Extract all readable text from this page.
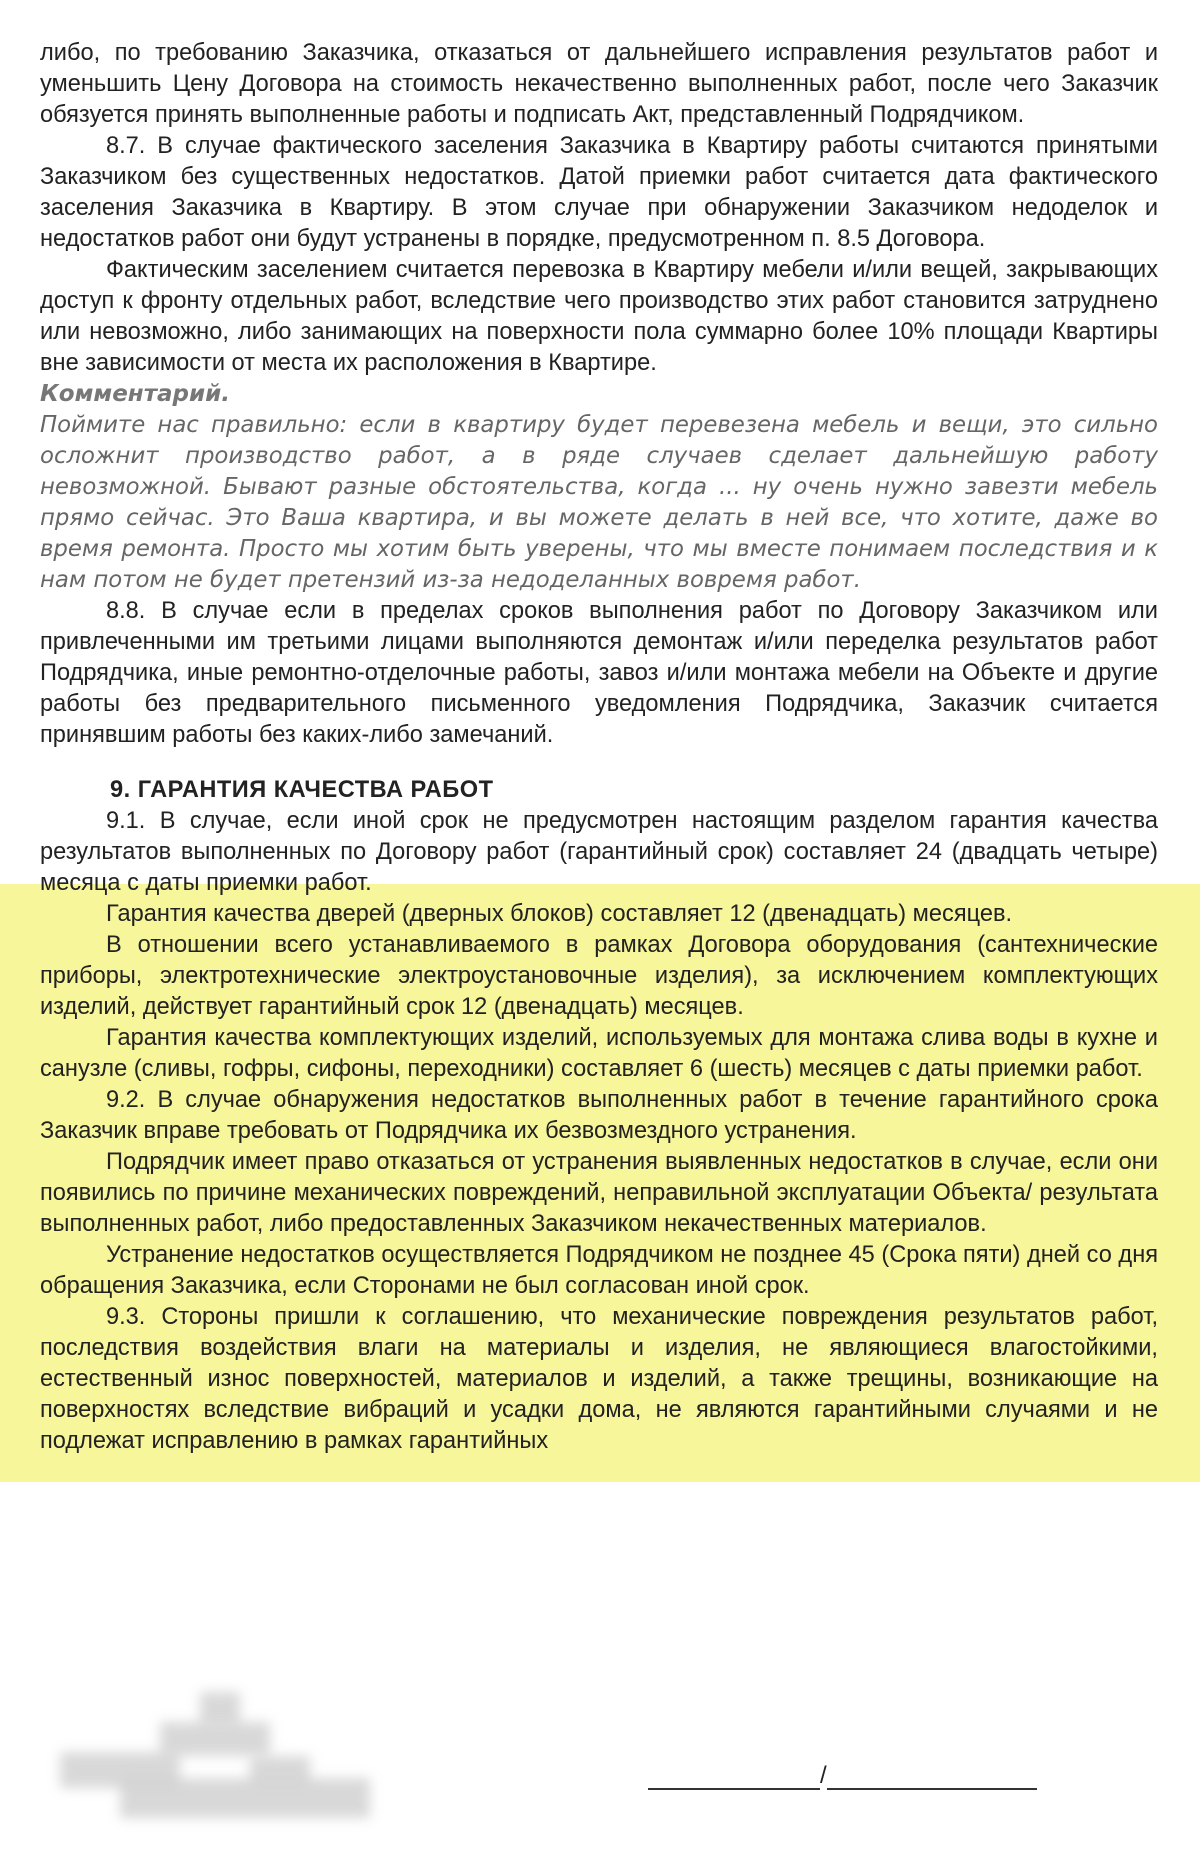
либо, по требованию Заказчика, отказаться от дальнейшего исправления результатов работ и уменьшить Цену Договора на стоимость некачественно выполненных работ, после чего Заказчик обязуется принять выполненные работы и подписать Акт, представленный Подрядчиком.

8.7. В случае фактического заселения Заказчика в Квартиру работы считаются принятыми Заказчиком без существенных недостатков. Датой приемки работ считается дата фактического заселения Заказчика в Квартиру. В этом случае при обнаружении Заказчиком недоделок и недостатков работ они будут устранены в порядке, предусмотренном п. 8.5 Договора.

Фактическим заселением считается перевозка в Квартиру мебели и/или вещей, закрывающих доступ к фронту отдельных работ, вследствие чего производство этих работ становится затруднено или невозможно, либо занимающих на поверхности пола суммарно более 10% площади Квартиры вне зависимости от места их расположения в Квартире.

Комментарий.

Поймите нас правильно: если в квартиру будет перевезена мебель и вещи, это сильно осложнит производство работ, а в ряде случаев сделает дальнейшую работу невозможной. Бывают разные обстоятельства, когда ... ну очень нужно завезти мебель прямо сейчас. Это Ваша квартира, и вы можете делать в ней все, что хотите, даже во время ремонта. Просто мы хотим быть уверены, что мы вместе понимаем последствия и к нам потом не будет претензий из-за недоделанных вовремя работ.

8.8. В случае если в пределах сроков выполнения работ по Договору Заказчиком или привлеченными им третьими лицами выполняются демонтаж и/или переделка результатов работ Подрядчика, иные ремонтно-отделочные работы, завоз и/или монтажа мебели на Объекте и другие работы без предварительного письменного уведомления Подрядчика, Заказчик считается принявшим работы без каких-либо замечаний.

9. ГАРАНТИЯ КАЧЕСТВА РАБОТ

9.1. В случае, если иной срок не предусмотрен настоящим разделом гарантия качества результатов выполненных по Договору работ (гарантийный срок) составляет 24 (двадцать четыре) месяца с даты приемки работ.

Гарантия качества дверей (дверных блоков) составляет 12 (двенадцать) месяцев.

В отношении всего устанавливаемого в рамках Договора оборудования (сантехнические приборы, электротехнические электроустановочные изделия), за исключением комплектующих изделий, действует гарантийный срок 12 (двенадцать) месяцев.

Гарантия качества комплектующих изделий, используемых для монтажа слива воды в кухне и санузле (сливы, гофры, сифоны, переходники) составляет 6 (шесть) месяцев с даты приемки работ.

9.2. В случае обнаружения недостатков выполненных работ в течение гарантийного срока Заказчик вправе требовать от Подрядчика их безвозмездного устранения.

Подрядчик имеет право отказаться от устранения выявленных недостатков в случае, если они появились по причине механических повреждений, неправильной эксплуатации Объекта/ результата выполненных работ, либо предоставленных Заказчиком некачественных материалов.

Устранение недостатков осуществляется Подрядчиком не позднее 45 (Срока пяти) дней со дня обращения Заказчика, если Сторонами не был согласован иной срок.

9.3. Стороны пришли к соглашению, что механические повреждения результатов работ, последствия воздействия влаги на материалы и изделия, не являющиеся влагостойкими, естественный износ поверхностей, материалов и изделий, а также трещины, возникающие на поверхностях вследствие вибраций и усадки дома, не являются гарантийными случаями и не подлежат исправлению в рамках гарантийных

/
